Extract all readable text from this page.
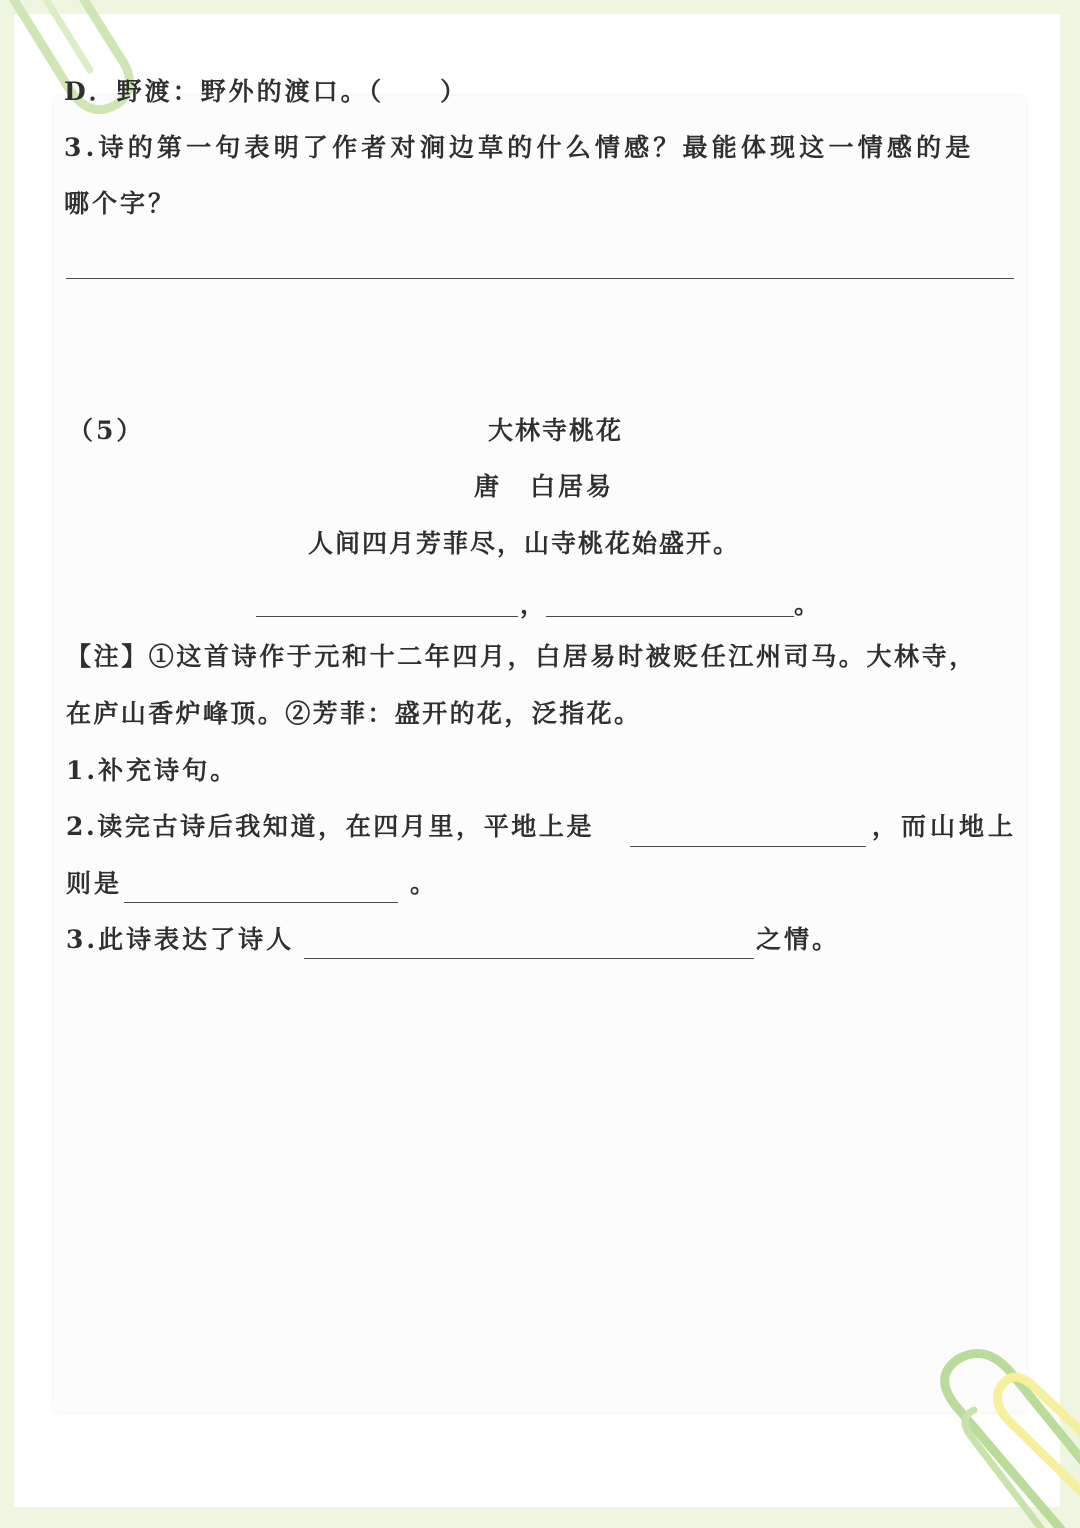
D．野渡：野外的渡口。（　　）
3.诗的第一句表明了作者对涧边草的什么情感？最能体现这一情感的是
哪个字？
（5）	大林寺桃花
唐　白居易
人间四月芳菲尽，山寺桃花始盛开。
，	。
【注】①这首诗作于元和十二年四月，白居易时被贬任江州司马。大林寺，
在庐山香炉峰顶。②芳菲：盛开的花，泛指花。
1.补充诗句。
2.读完古诗后我知道，在四月里，平地上是	，而山地上
则是	。
3.此诗表达了诗人	之情。
